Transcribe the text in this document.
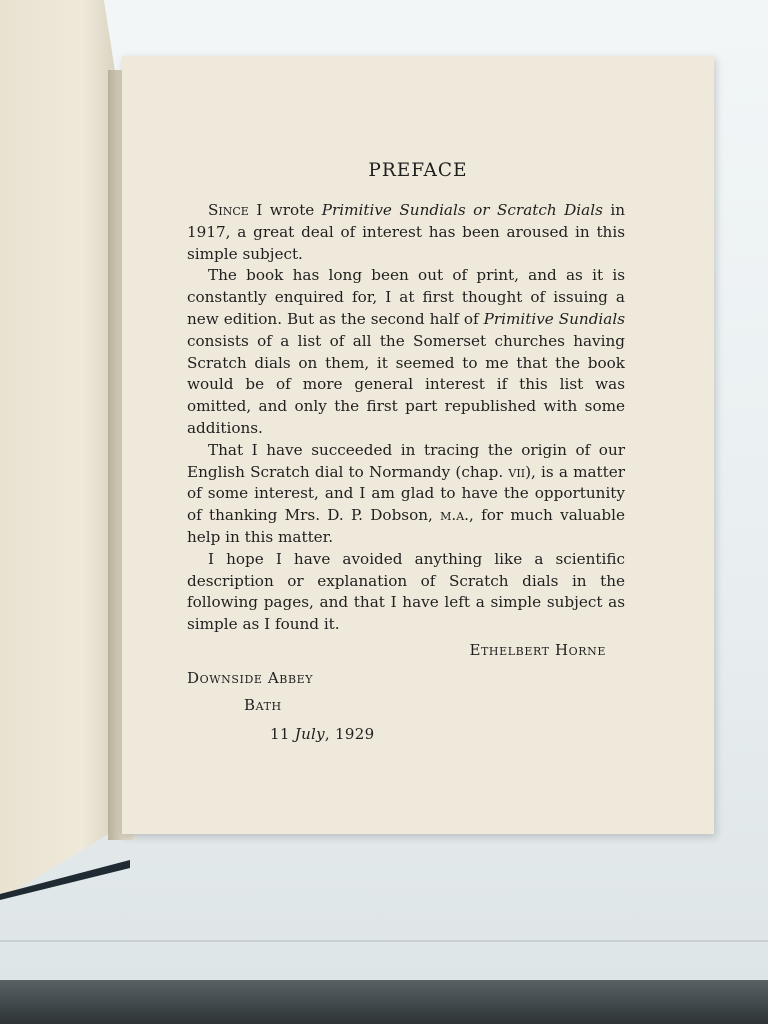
PREFACE

Since I wrote Primitive Sundials or Scratch Dials in 1917, a great deal of interest has been aroused in this simple subject.

The book has long been out of print, and as it is constantly enquired for, I at first thought of issuing a new edition. But as the second half of Primitive Sundials consists of a list of all the Somerset churches having Scratch dials on them, it seemed to me that the book would be of more general interest if this list was omitted, and only the first part republished with some additions.

That I have succeeded in tracing the origin of our English Scratch dial to Normandy (chap. vii), is a matter of some interest, and I am glad to have the opportunity of thanking Mrs. D. P. Dobson, m.a., for much valuable help in this matter.

I hope I have avoided anything like a scientific description or explanation of Scratch dials in the following pages, and that I have left a simple subject as simple as I found it.

Ethelbert Horne
Downside Abbey
Bath
11 July, 1929
